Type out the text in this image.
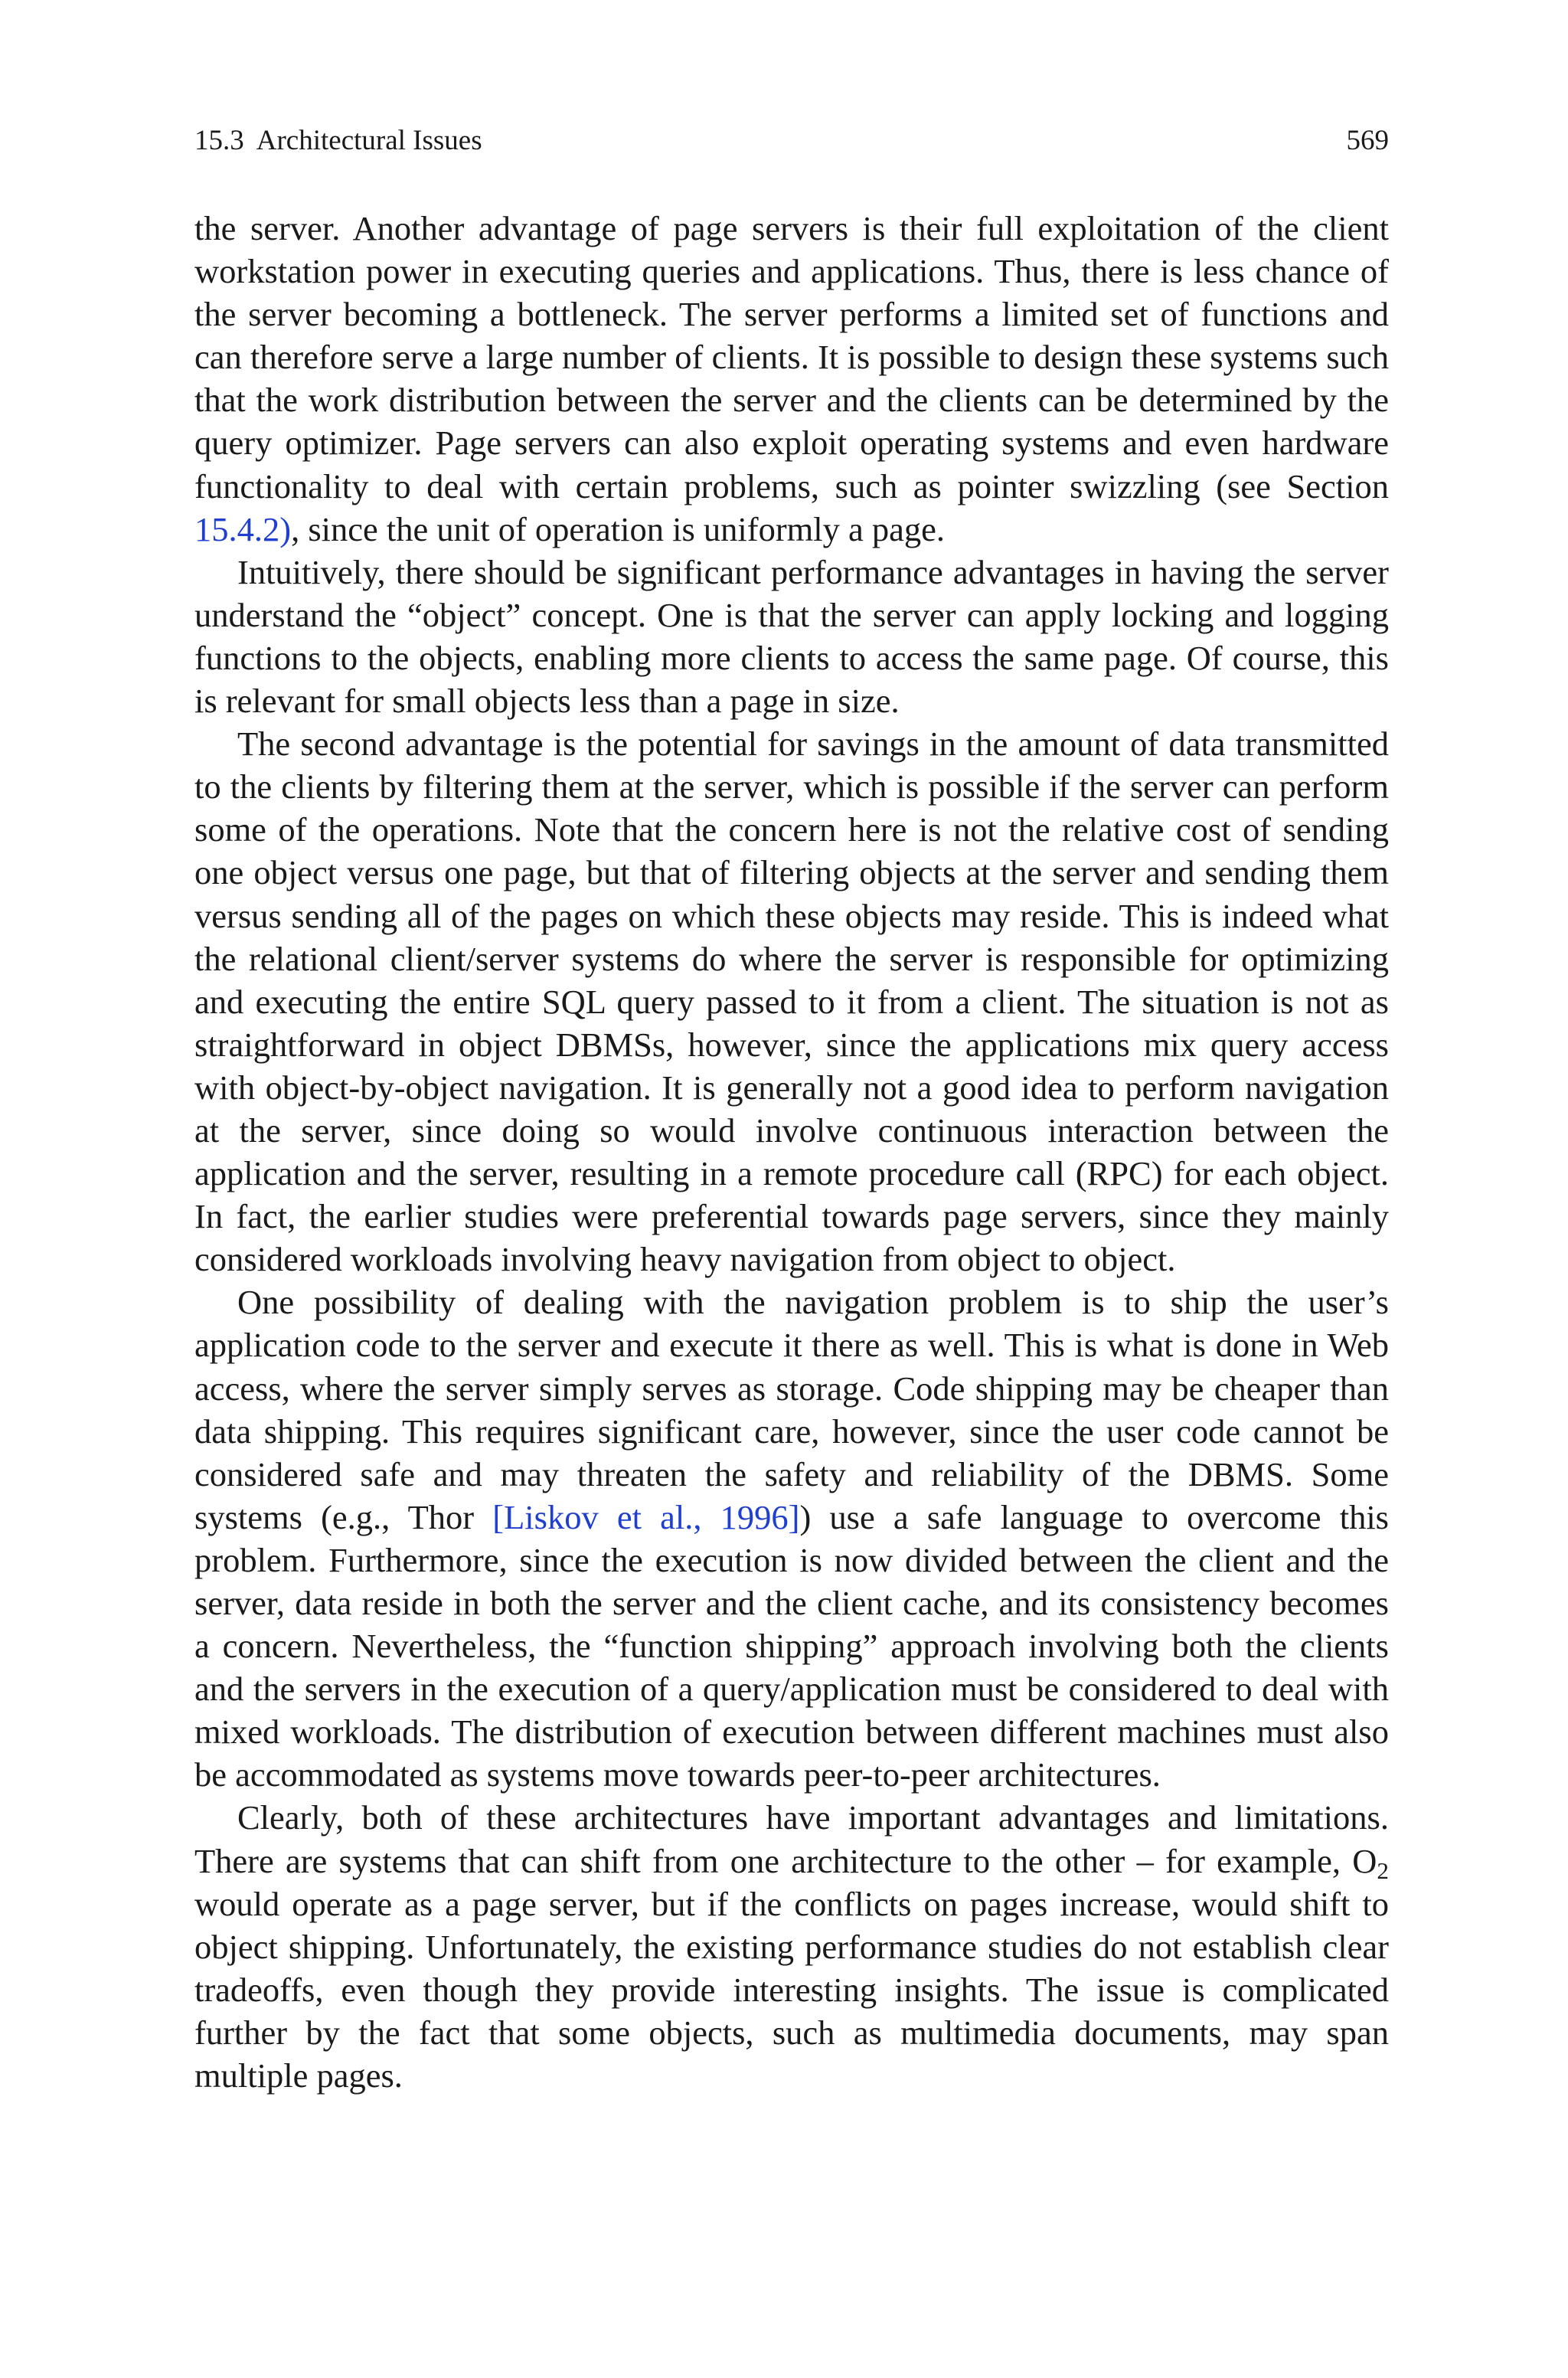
15.3 Architectural Issues	569

the server. Another advantage of page servers is their full exploitation of the client workstation power in executing queries and applications. Thus, there is less chance of the server becoming a bottleneck. The server performs a limited set of functions and can therefore serve a large number of clients. It is possible to design these systems such that the work distribution between the server and the clients can be determined by the query optimizer. Page servers can also exploit operating systems and even hardware functionality to deal with certain problems, such as pointer swizzling (see Section 15.4.2), since the unit of operation is uniformly a page.

Intuitively, there should be significant performance advantages in having the server understand the “object” concept. One is that the server can apply locking and logging functions to the objects, enabling more clients to access the same page. Of course, this is relevant for small objects less than a page in size.

The second advantage is the potential for savings in the amount of data transmitted to the clients by filtering them at the server, which is possible if the server can perform some of the operations. Note that the concern here is not the relative cost of sending one object versus one page, but that of filtering objects at the server and sending them versus sending all of the pages on which these objects may reside. This is indeed what the relational client/server systems do where the server is responsible for optimizing and executing the entire SQL query passed to it from a client. The situation is not as straightforward in object DBMSs, however, since the applications mix query access with object-by-object navigation. It is generally not a good idea to perform navigation at the server, since doing so would involve continuous interaction between the application and the server, resulting in a remote procedure call (RPC) for each object. In fact, the earlier studies were preferential towards page servers, since they mainly considered workloads involving heavy navigation from object to object.

One possibility of dealing with the navigation problem is to ship the user’s application code to the server and execute it there as well. This is what is done in Web access, where the server simply serves as storage. Code shipping may be cheaper than data shipping. This requires significant care, however, since the user code cannot be considered safe and may threaten the safety and reliability of the DBMS. Some systems (e.g., Thor [Liskov et al., 1996]) use a safe language to overcome this problem. Furthermore, since the execution is now divided between the client and the server, data reside in both the server and the client cache, and its consistency becomes a concern. Nevertheless, the “function shipping” approach involving both the clients and the servers in the execution of a query/application must be considered to deal with mixed workloads. The distribution of execution between different machines must also be accommodated as systems move towards peer-to-peer architectures.

Clearly, both of these architectures have important advantages and limitations. There are systems that can shift from one architecture to the other – for example, $O_2$ would operate as a page server, but if the conflicts on pages increase, would shift to object shipping. Unfortunately, the existing performance studies do not establish clear tradeoffs, even though they provide interesting insights. The issue is complicated further by the fact that some objects, such as multimedia documents, may span multiple pages.
